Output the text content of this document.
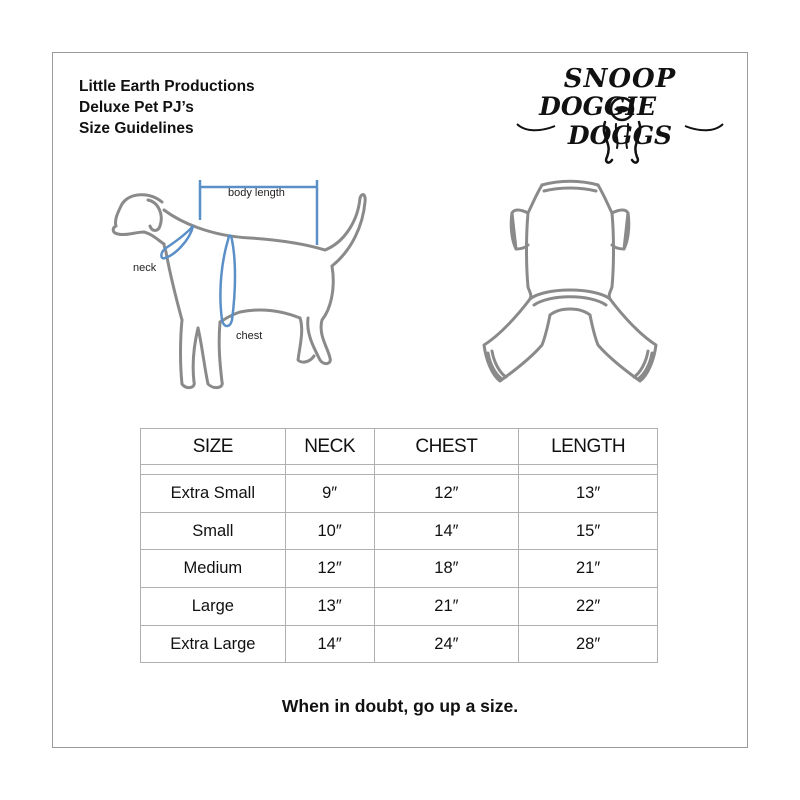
Little Earth Productions
Deluxe Pet PJ’s
Size Guidelines
SNOOP
DOGGIE  DOGGS
body length
neck
chest
SIZE	NECK	CHEST	LENGTH

Extra Small	9″	12″	13″
Small	10″	14″	15″
Medium	12″	18″	21″
Large	13″	21″	22″
Extra Large	14″	24″	28″
When in doubt, go up a size.
